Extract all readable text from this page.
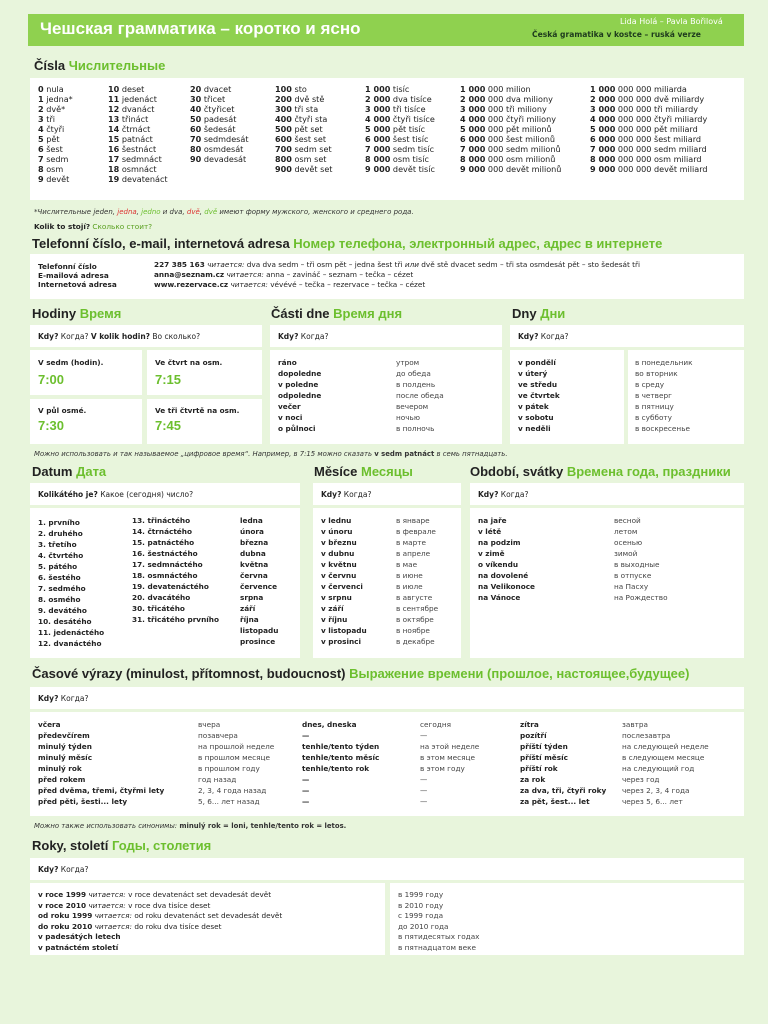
Чешская грамматика – коротко и ясно	Lida Holá – Pavla Bořilová
Česká gramatika v kostce – ruská verze
Čísla Числительные
0 nula
1 jedna*
2 dvě*
3 tři
4 čtyři
5 pět
6 šest
7 sedm
8 osm
9 devět
10 deset
11 jedenáct
12 dvanáct
13 třináct
14 čtrnáct
15 patnáct
16 šestnáct
17 sedmnáct
18 osmnáct
19 devatenáct
20 dvacet
30 třicet
40 čtyřicet
50 padesát
60 šedesát
70 sedmdesát
80 osmdesát
90 devadesát
100 sto
200 dvě stě
300 tři sta
400 čtyři sta
500 pět set
600 šest set
700 sedm set
800 osm set
900 devět set
1 000 tisíc
2 000 dva tisíce
3 000 tři tisíce
4 000 čtyři tisíce
5 000 pět tisíc
6 000 šest tisíc
7 000 sedm tisíc
8 000 osm tisíc
9 000 devět tisíc
1 000 000 milion
2 000 000 dva miliony
3 000 000 tři miliony
4 000 000 čtyři miliony
5 000 000 pět milionů
6 000 000 šest milionů
7 000 000 sedm milionů
8 000 000 osm milionů
9 000 000 devět milionů
1 000 000 000 miliarda
2 000 000 000 dvě miliardy
3 000 000 000 tři miliardy
4 000 000 000 čtyři miliardy
5 000 000 000 pět miliard
6 000 000 000 šest miliard
7 000 000 000 sedm miliard
8 000 000 000 osm miliard
9 000 000 000 devět miliard
*Числительные jeden, jedna, jedno и dva, dvě, dvě имеют форму мужского, женского и среднего рода.
Kolik to stojí? Сколько стоит?
Telefonní číslo, e-mail, internetová adresa Номер телефона, электронный адрес, адрес в интернете
Telefonní číslo
E-mailová adresa
Internetová adresa
227 385 163 читается: dva dva sedm – tři osm pět – jedna šest tři или dvě stě dvacet sedm – tři sta osmdesát pět – sto šedesát tři
anna@seznam.cz читается: anna – zavináč – seznam – tečka – cézet
www.rezervace.cz читается: vévévé – tečka – rezervace – tečka – cézet
Hodiny Время
Kdy? Когда? V kolik hodin? Во сколько?
V sedm (hodin).
7:00
Ve čtvrt na osm.
7:15
V půl osmé.
7:30
Ve tři čtvrtě na osm.
7:45
Části dne Время дня
Kdy? Когда?
ráno
dopoledne
v poledne
odpoledne
večer
v noci
o půlnoci
утром
до обеда
в полдень
после обеда
вечером
ночью
в полночь
Dny Дни
Kdy? Когда?
v pondělí
v úterý
ve středu
ve čtvrtek
v pátek
v sobotu
v neděli
в понедельник
во вторник
в среду
в четверг
в пятницу
в субботу
в воскресенье
Можно использовать и так называемое „цифровое время“. Например, в 7:15 можно сказать v sedm patnáct в семь пятнадцать.
Datum Дата
Kolikátého je? Какое (сегодня) число?
1. prvního
2. druhého
3. třetího
4. čtvrtého
5. pátého
6. šestého
7. sedmého
8. osmého
9. devátého
10. desátého
11. jedenáctého
12. dvanáctého
13. třináctého
14. čtrnáctého
15. patnáctého
16. šestnáctého
17. sedmnáctého
18. osmnáctého
19. devatenáctého
20. dvacátého
30. třicátého
31. třicátého prvního
ledna
února
března
dubna
května
června
července
srpna
září
října
listopadu
prosince
Měsíce Месяцы
Kdy? Когда?
v lednu
v únoru
v březnu
v dubnu
v květnu
v červnu
v červenci
v srpnu
v září
v říjnu
v listopadu
v prosinci
в январе
в феврале
в марте
в апреле
в мае
в июне
в июле
в августе
в сентябре
в октябре
в ноябре
в декабре
Období, svátky Времена года, праздники
Kdy? Когда?
na jaře
v létě
na podzim
v zimě
o víkendu
na dovolené
na Velikonoce
na Vánoce
весной
летом
осенью
зимой
в выходные
в отпуске
на Пасху
на Рождество
Časové výrazy (minulost, přítomnost, budoucnost) Выражение времени (прошлое, настоящее,будущее)
Kdy? Когда?
včera
předevčírem
minulý týden
minulý měsíc
minulý rok
před rokem
před dvěma, třemi, čtyřmi lety
před pěti, šesti... lety
вчера
позавчера
на прошлой неделе
в прошлом месяце
в прошлом году
год назад
2, 3, 4 года назад
5, 6... лет назад
dnes, dneska
—
tenhle/tento týden
tenhle/tento měsíc
tenhle/tento rok
—
—
—
сегодня
—
на этой неделе
в этом месяце
в этом году
—
—
—
zítra
pozítří
příští týden
příští měsíc
příští rok
za rok
za dva, tři, čtyři roky
za pět, šest... let
завтра
послезавтра
на следующей неделе
в следующем месяце
на следующий год
через год
через 2, 3, 4 года
через 5, 6... лет
Можно также использовать синонимы: minulý rok = loni, tenhle/tento rok = letos.
Roky, století Годы, столетия
Kdy? Когда?
v roce 1999 читается: v roce devatenáct set devadesát devět
v roce 2010 читается: v roce dva tisíce deset
od roku 1999 читается: od roku devatenáct set devadesát devět
do roku 2010 читается: do roku dva tisíce deset
v padesátých letech
v patnáctém století
в 1999 году
в 2010 году
с 1999 года
до 2010 года
в пятидесятых годах
в пятнадцатом веке
